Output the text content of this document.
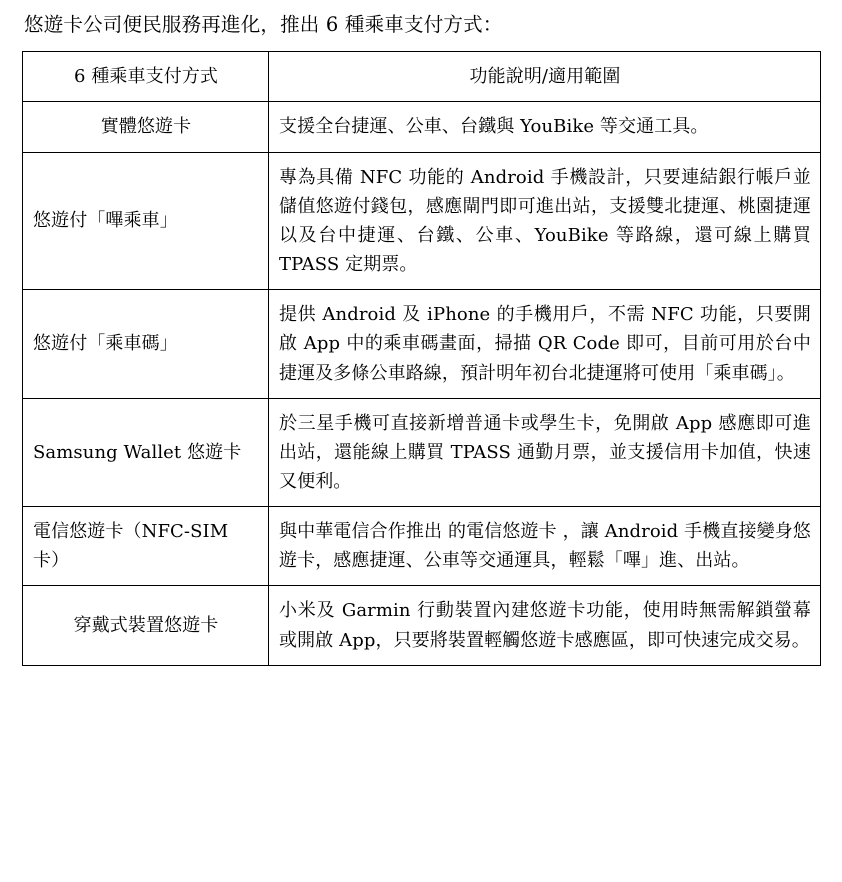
悠遊卡公司便民服務再進化，推出 6 種乘車支付方式：
6 種乘車支付方式	功能說明/適用範圍
實體悠遊卡	支援全台捷運、公車、台鐵與 YouBike 等交通工具。
悠遊付「嗶乘車」	專為具備 NFC 功能的 Android 手機設計，只要連結銀行帳戶並儲值悠遊付錢包，感應閘門即可進出站，支援雙北捷運、桃園捷運以及台中捷運、台鐵、公車、YouBike 等路線，還可線上購買 TPASS 定期票。
悠遊付「乘車碼」	提供 Android 及 iPhone 的手機用戶，不需 NFC 功能，只要開啟 App 中的乘車碼畫面，掃描 QR Code 即可，目前可用於台中捷運及多條公車路線，預計明年初台北捷運將可使用「乘車碼」。
Samsung Wallet 悠遊卡	於三星手機可直接新增普通卡或學生卡，免開啟 App 感應即可進出站，還能線上購買 TPASS 通勤月票，並支援信用卡加值，快速又便利。
電信悠遊卡（NFC-SIM 卡）	與中華電信合作推出 的電信悠遊卡 ，讓 Android 手機直接變身悠遊卡，感應捷運、公車等交通運具，輕鬆「嗶」進、出站。
穿戴式裝置悠遊卡	小米及 Garmin 行動裝置內建悠遊卡功能，使用時無需解鎖螢幕或開啟 App，只要將裝置輕觸悠遊卡感應區，即可快速完成交易。
